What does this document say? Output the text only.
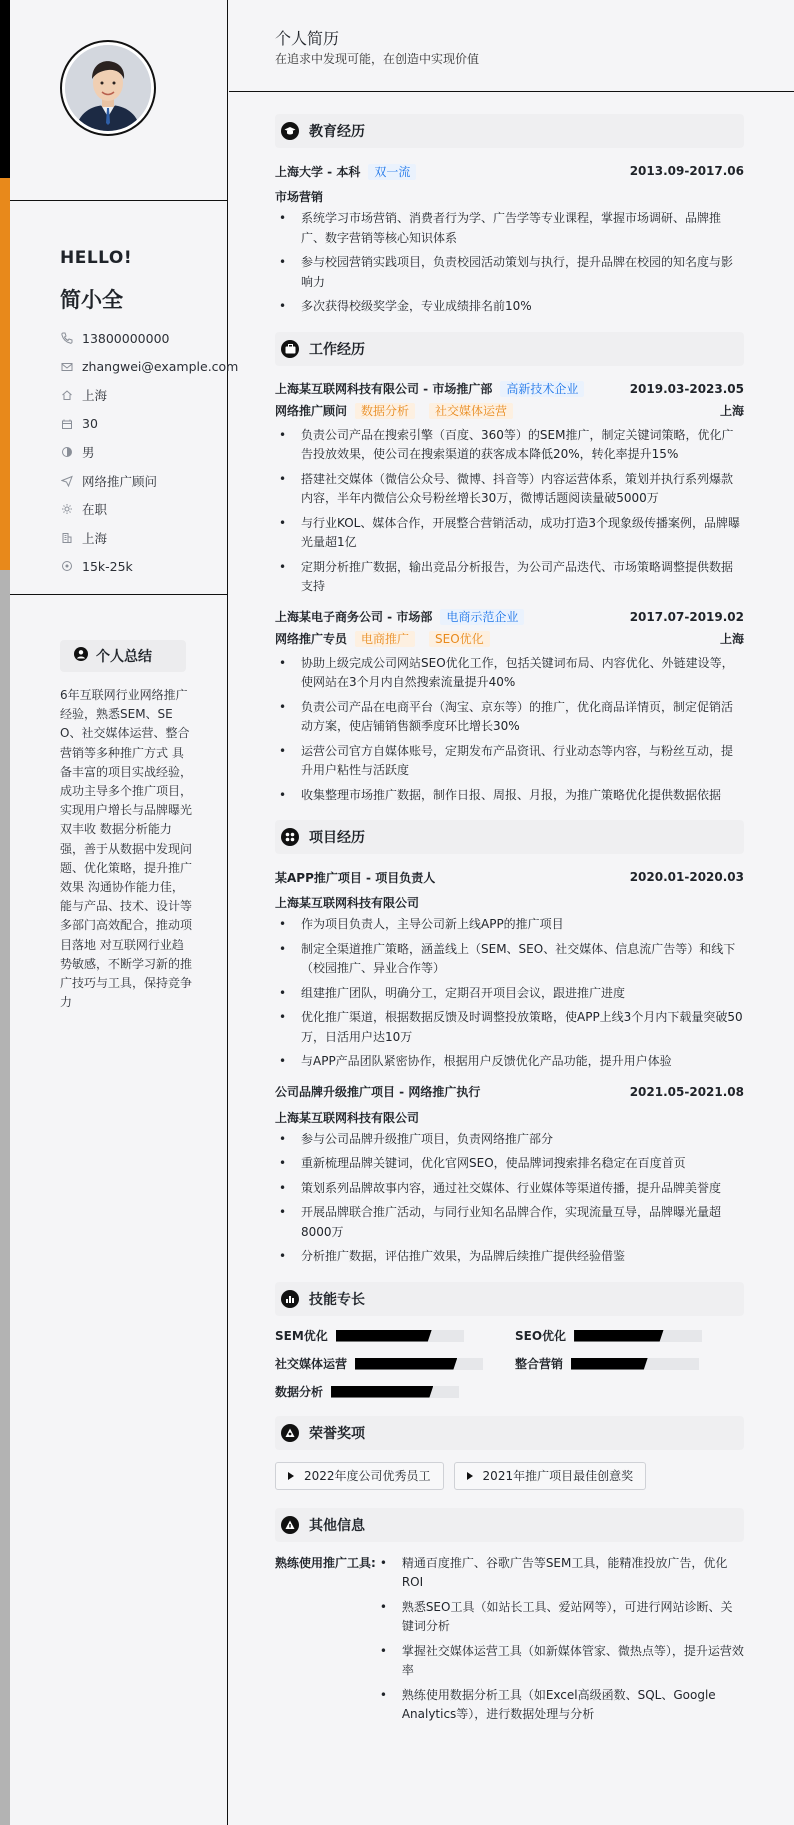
HELLO!
简小全
13800000000
zhangwei@example.com
上海
30
男
网络推广顾问
在职
上海
15k-25k
个人总结
6年互联网行业网络推广经验，熟悉SEM、SEO、社交媒体运营、整合营销等多种推广方式 具备丰富的项目实战经验，成功主导多个推广项目，实现用户增长与品牌曝光双丰收 数据分析能力强，善于从数据中发现问题、优化策略，提升推广效果 沟通协作能力佳，能与产品、技术、设计等多部门高效配合，推动项目落地 对互联网行业趋势敏感，不断学习新的推广技巧与工具，保持竞争力
个人简历
在追求中发现可能，在创造中实现价值
教育经历
上海大学 - 本科 双一流	2013.09-2017.06
市场营销
• 系统学习市场营销、消费者行为学、广告学等专业课程，掌握市场调研、品牌推广、数字营销等核心知识体系
• 参与校园营销实践项目，负责校园活动策划与执行，提升品牌在校园的知名度与影响力
• 多次获得校级奖学金，专业成绩排名前10%
工作经历
上海某互联网科技有限公司 - 市场推广部 高新技术企业	2019.03-2023.05
网络推广顾问 数据分析 社交媒体运营	上海
• 负责公司产品在搜索引擎（百度、360等）的SEM推广，制定关键词策略，优化广告投放效果，使公司在搜索渠道的获客成本降低20%，转化率提升15%
• 搭建社交媒体（微信公众号、微博、抖音等）内容运营体系，策划并执行系列爆款内容，半年内微信公众号粉丝增长30万，微博话题阅读量破5000万
• 与行业KOL、媒体合作，开展整合营销活动，成功打造3个现象级传播案例，品牌曝光量超1亿
• 定期分析推广数据，输出竞品分析报告，为公司产品迭代、市场策略调整提供数据支持
上海某电子商务公司 - 市场部 电商示范企业	2017.07-2019.02
网络推广专员 电商推广 SEO优化	上海
• 协助上级完成公司网站SEO优化工作，包括关键词布局、内容优化、外链建设等，使网站在3个月内自然搜索流量提升40%
• 负责公司产品在电商平台（淘宝、京东等）的推广，优化商品详情页，制定促销活动方案，使店铺销售额季度环比增长30%
• 运营公司官方自媒体账号，定期发布产品资讯、行业动态等内容，与粉丝互动，提升用户粘性与活跃度
• 收集整理市场推广数据，制作日报、周报、月报，为推广策略优化提供数据依据
项目经历
某APP推广项目 - 项目负责人	2020.01-2020.03
上海某互联网科技有限公司
• 作为项目负责人，主导公司新上线APP的推广项目
• 制定全渠道推广策略，涵盖线上（SEM、SEO、社交媒体、信息流广告等）和线下（校园推广、异业合作等）
• 组建推广团队，明确分工，定期召开项目会议，跟进推广进度
• 优化推广渠道，根据数据反馈及时调整投放策略，使APP上线3个月内下载量突破50万，日活用户达10万
• 与APP产品团队紧密协作，根据用户反馈优化产品功能，提升用户体验
公司品牌升级推广项目 - 网络推广执行	2021.05-2021.08
上海某互联网科技有限公司
• 参与公司品牌升级推广项目，负责网络推广部分
• 重新梳理品牌关键词，优化官网SEO，使品牌词搜索排名稳定在百度首页
• 策划系列品牌故事内容，通过社交媒体、行业媒体等渠道传播，提升品牌美誉度
• 开展品牌联合推广活动，与同行业知名品牌合作，实现流量互导，品牌曝光量超8000万
• 分析推广数据，评估推广效果，为品牌后续推广提供经验借鉴
技能专长
SEM优化	SEO优化
社交媒体运营	整合营销
数据分析
荣誉奖项
2022年度公司优秀员工	2021年推广项目最佳创意奖
其他信息
熟练使用推广工具:
•	精通百度推广、谷歌广告等SEM工具，能精准投放广告，优化ROI
• 熟悉SEO工具（如站长工具、爱站网等），可进行网站诊断、关键词分析
• 掌握社交媒体运营工具（如新媒体管家、微热点等），提升运营效率
• 熟练使用数据分析工具（如Excel高级函数、SQL、Google Analytics等），进行数据处理与分析
